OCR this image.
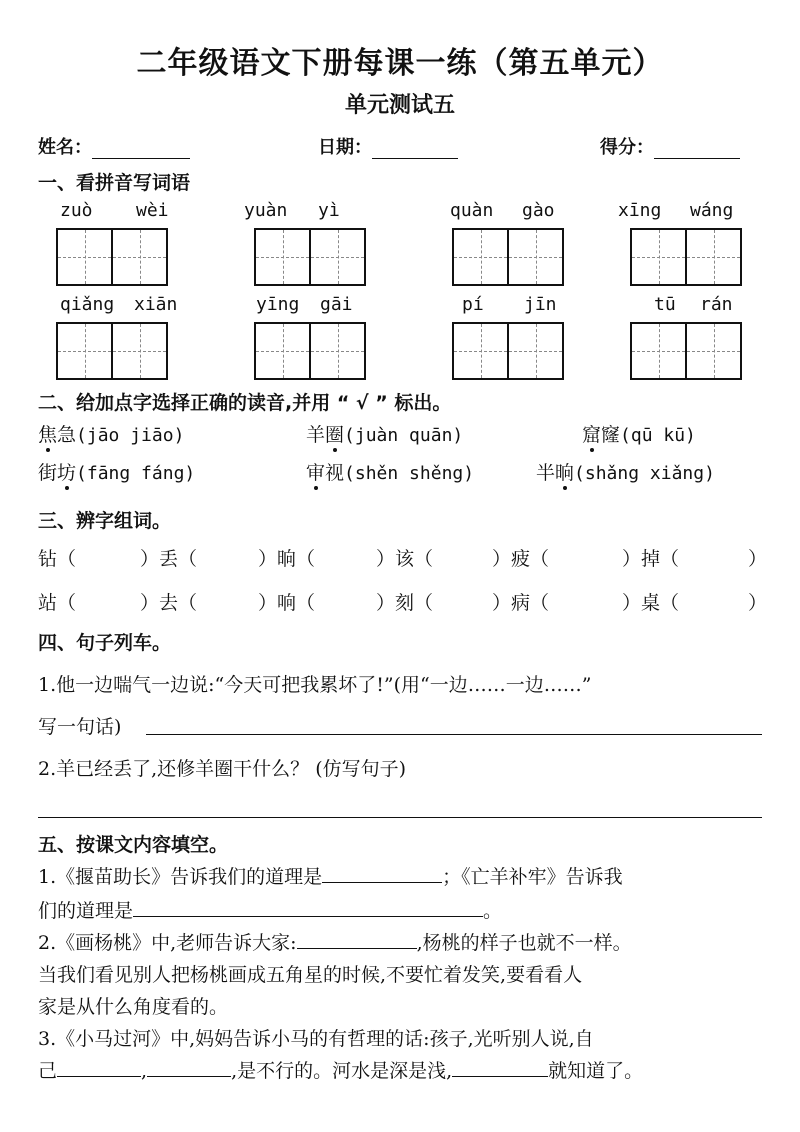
二年级语文下册每课一练（第五单元）
单元测试五
姓名：	日期：	得分：
一、看拼音写词语
zuò wèi	yuàn yì	quàn gào	xīng wáng
qiǎng xiān	yīng gāi	pí jīn	tū rán
二、给加点字选择正确的读音,并用 “ √ ” 标出。
焦急(jāo jiāo)	羊圈(juàn quān)	窟窿(qū kū)
街坊(fāng fáng)	审视(shěn shěng)	半晌(shǎng xiǎng)
三、辨字组词。
钻（	）丢（	）晌（	）该（	）疲（	）掉（	）
站（	）去（	）响（	）刻（	）病（	）桌（	）
四、句子列车。
1.他一边喘气一边说:“今天可把我累坏了!”(用“一边……一边……”
写一句话)
2.羊已经丢了,还修羊圈干什么？ (仿写句子)
五、按课文内容填空。
1.《揠苗助长》告诉我们的道理是	；《亡羊补牢》告诉我
们的道理是	。
2.《画杨桃》中,老师告诉大家:	,杨桃的样子也就不一样。
当我们看见别人把杨桃画成五角星的时候,不要忙着发笑,要看看人
家是从什么角度看的。
3.《小马过河》中,妈妈告诉小马的有哲理的话:孩子,光听别人说,自
己	,	,是不行的。河水是深是浅,	就知道了。
